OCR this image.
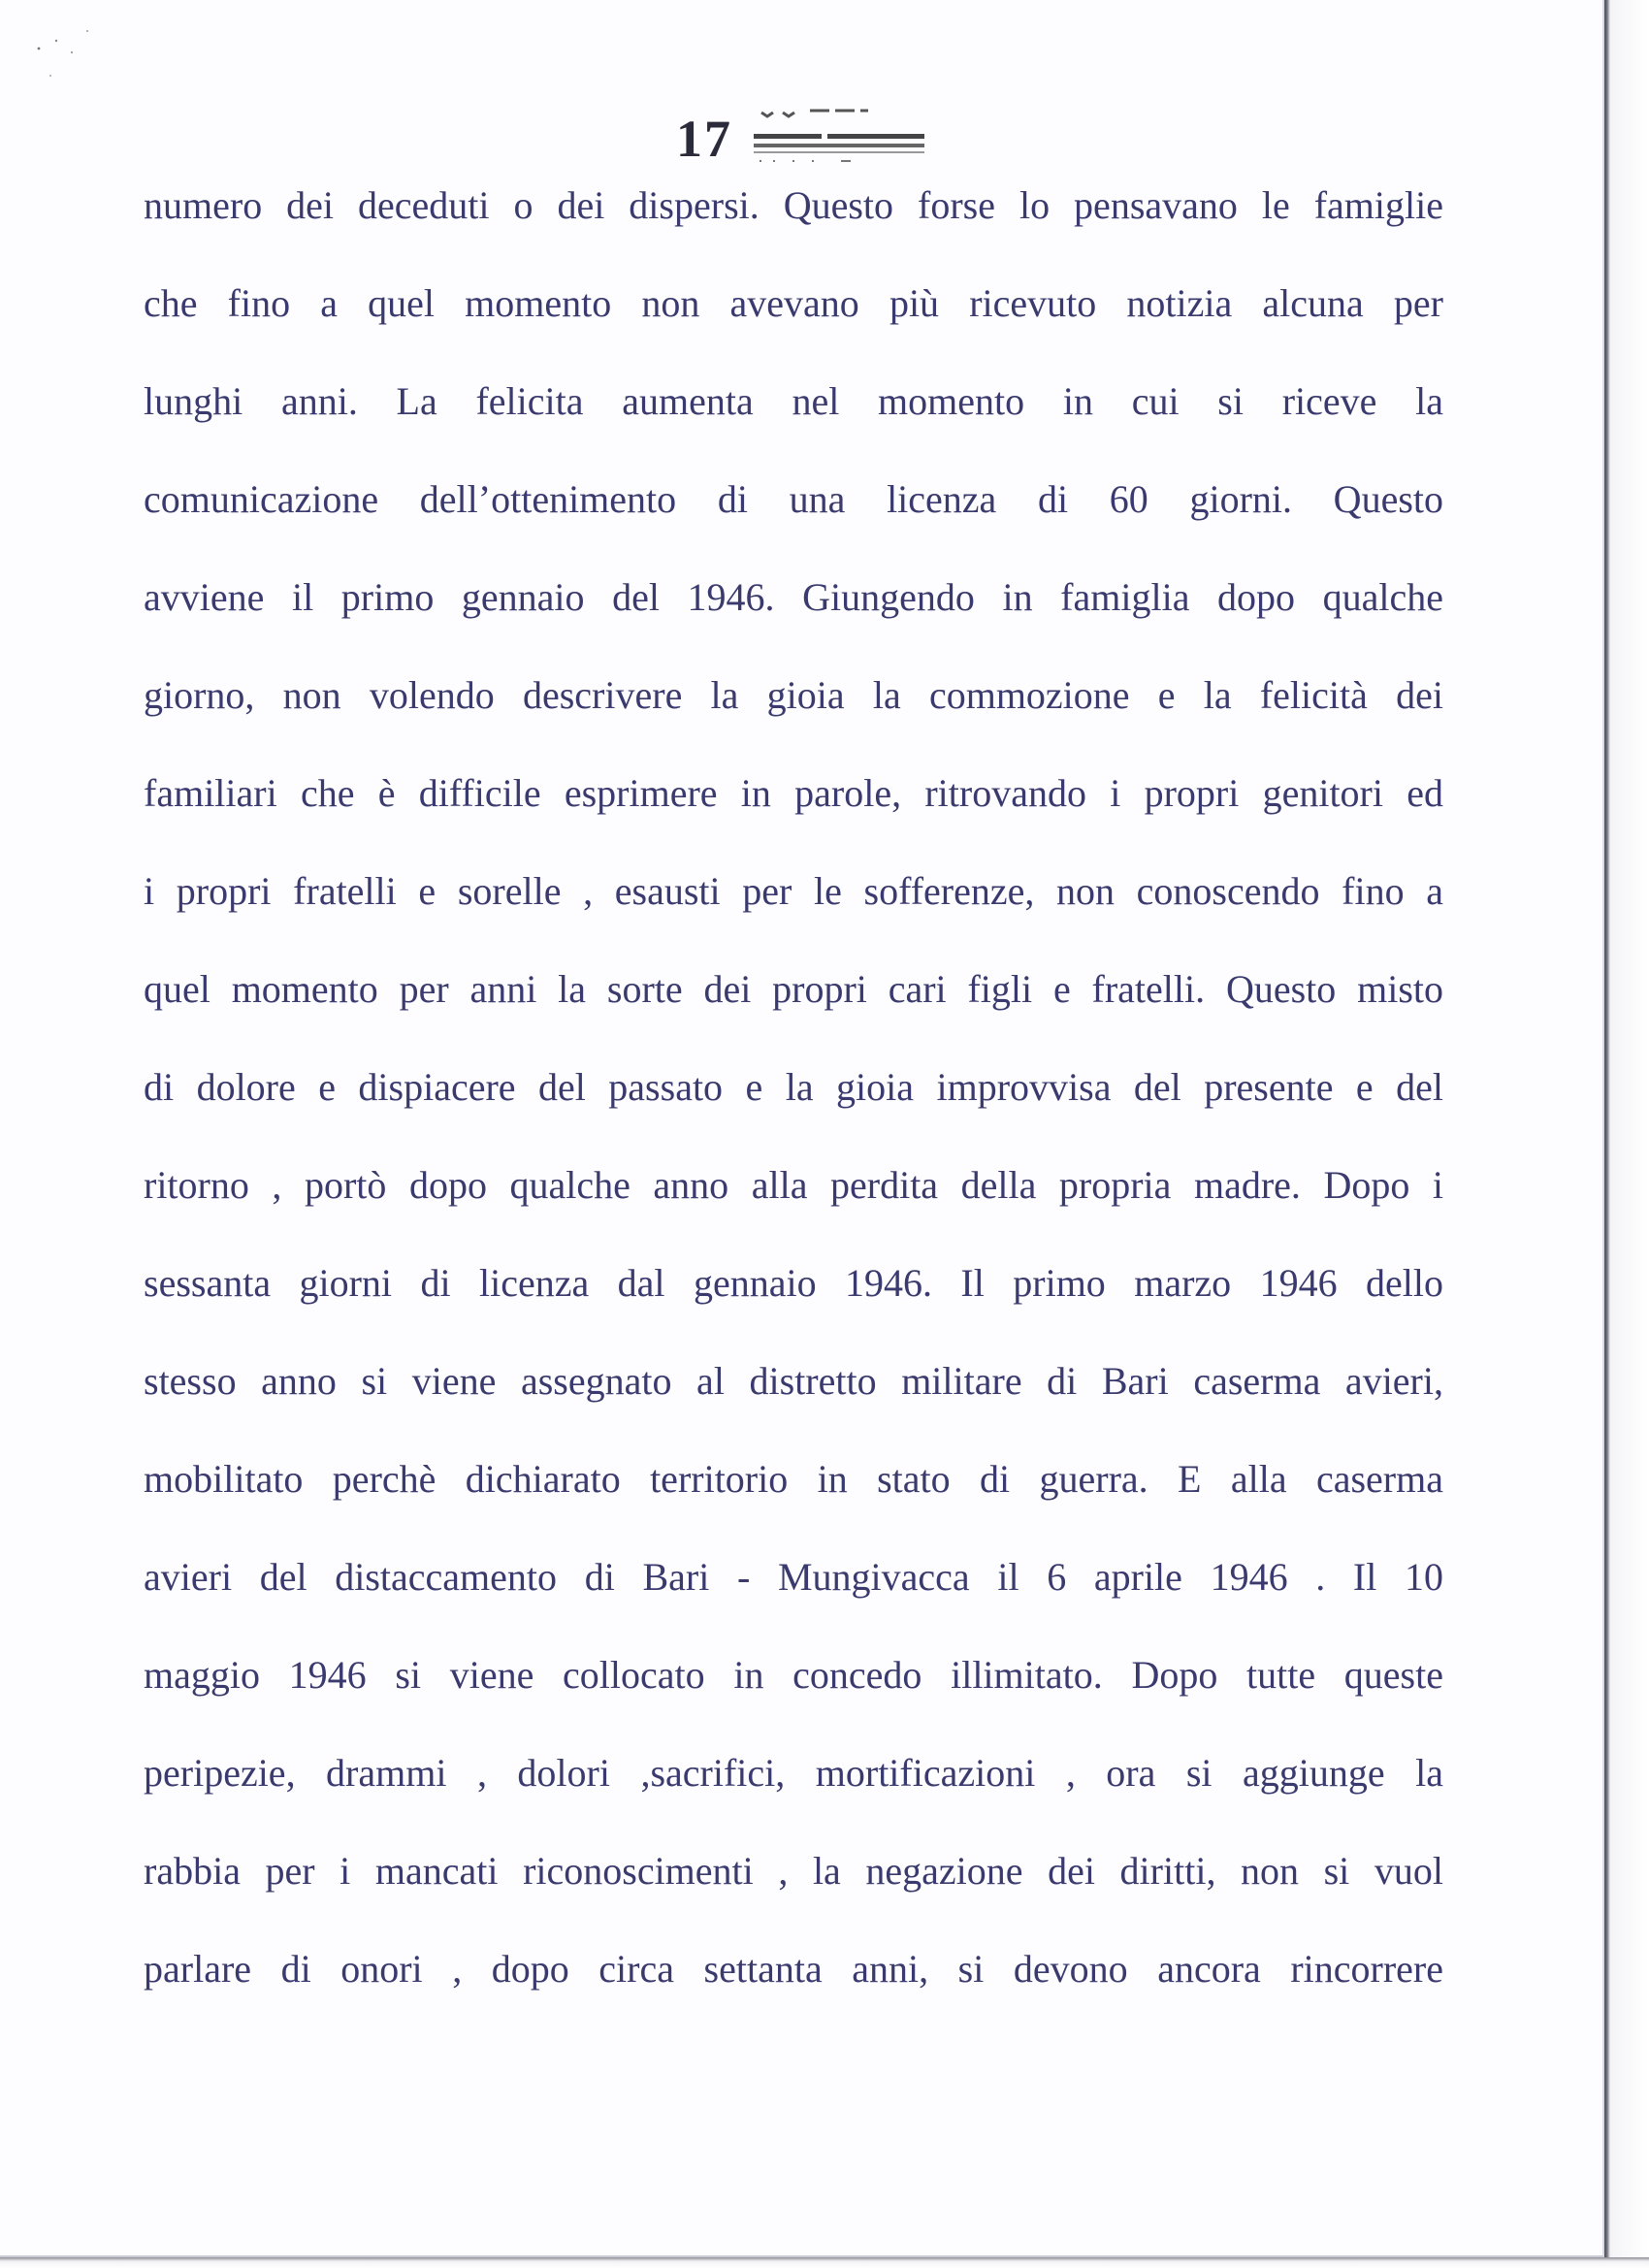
17
numero dei deceduti o dei dispersi. Questo forse lo pensavano le famiglie
che fino a quel momento non avevano più ricevuto notizia alcuna per
lunghi anni. La felicita aumenta nel momento in cui si riceve la
comunicazione dell’ottenimento di una licenza di 60 giorni. Questo
avviene il primo gennaio del 1946. Giungendo in famiglia dopo qualche
giorno, non volendo descrivere la gioia la commozione e la felicità dei
familiari che è difficile esprimere in parole, ritrovando i propri genitori ed
i propri fratelli e sorelle , esausti per le sofferenze, non conoscendo fino a
quel momento per anni la sorte dei propri cari figli e fratelli. Questo misto
di dolore e dispiacere del passato e la gioia improvvisa del presente e del
ritorno , portò dopo qualche anno alla perdita della propria madre. Dopo i
sessanta giorni di licenza dal gennaio 1946. Il primo marzo 1946 dello
stesso anno si viene assegnato al distretto militare di Bari caserma avieri,
mobilitato perchè dichiarato territorio in stato di guerra. E alla caserma
avieri del distaccamento di Bari - Mungivacca il 6 aprile 1946 . Il 10
maggio 1946 si viene collocato in concedo illimitato. Dopo tutte queste
peripezie, drammi , dolori ,sacrifici, mortificazioni , ora si aggiunge la
rabbia per i mancati riconoscimenti , la negazione dei diritti, non si vuol
parlare di onori , dopo circa settanta anni, si devono ancora rincorrere
